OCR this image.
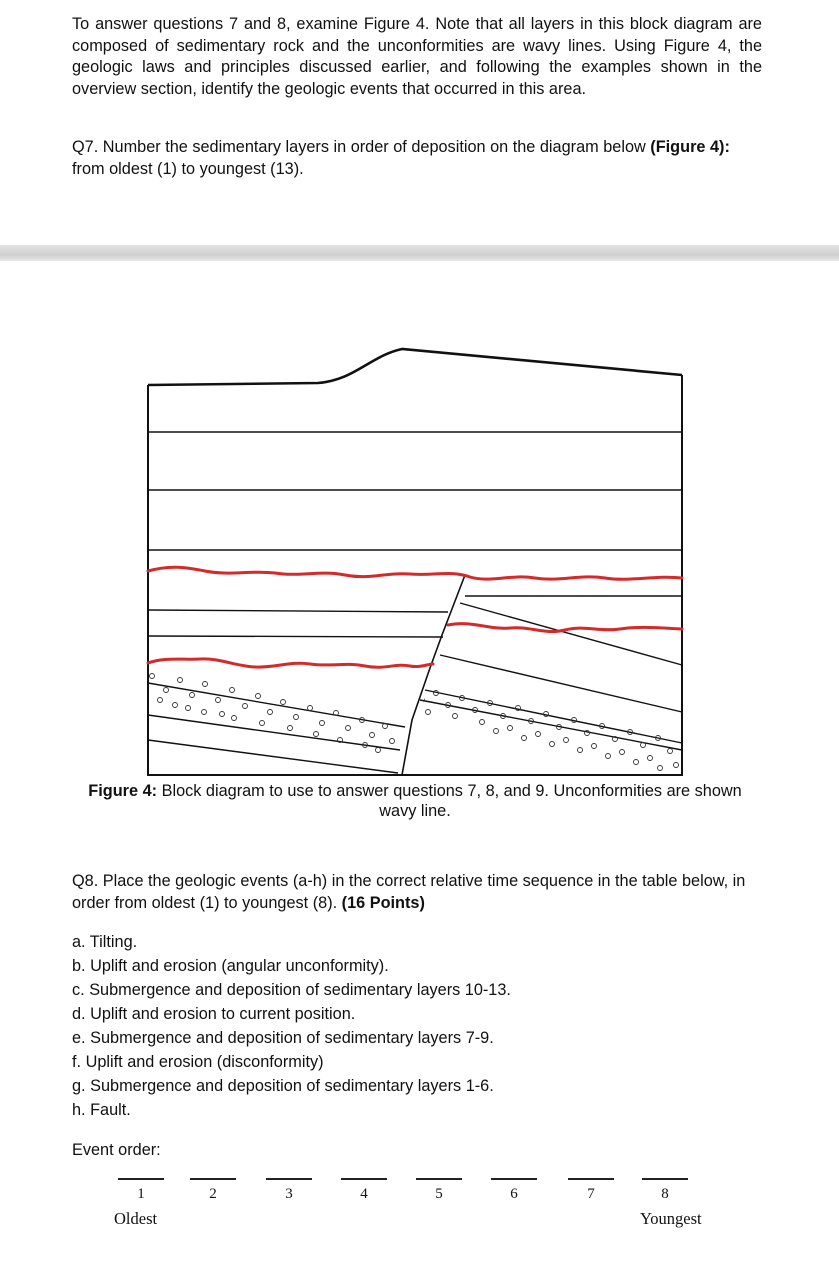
To answer questions 7 and 8, examine Figure 4. Note that all layers in this block diagram are composed of sedimentary rock and the unconformities are wavy lines. Using Figure 4, the geologic laws and principles discussed earlier, and following the examples shown in the overview section, identify the geologic events that occurred in this area.

Q7. Number the sedimentary layers in order of deposition on the diagram below (Figure 4): from oldest (1) to youngest (13).

Figure 4: Block diagram to use to answer questions 7, 8, and 9. Unconformities are shown wavy line.

Q8. Place the geologic events (a-h) in the correct relative time sequence in the table below, in order from oldest (1) to youngest (8). (16 Points)

a. Tilting.
b. Uplift and erosion (angular unconformity).
c. Submergence and deposition of sedimentary layers 10-13.
d. Uplift and erosion to current position.
e. Submergence and deposition of sedimentary layers 7-9.
f. Uplift and erosion (disconformity)
g. Submergence and deposition of sedimentary layers 1-6.
h. Fault.

Event order:

1	2	3	4	5	6	7	8
Oldest	Youngest
